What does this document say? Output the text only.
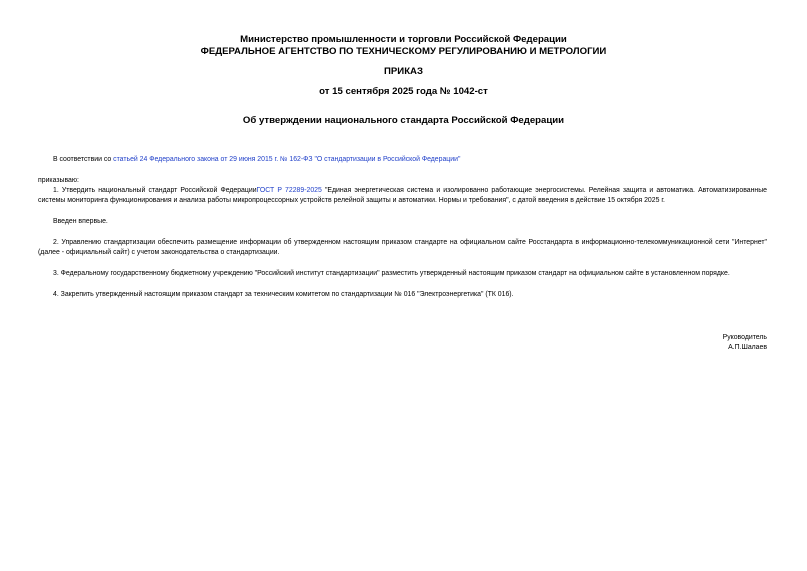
Министерство промышленности и торговли Российской Федерации
ФЕДЕРАЛЬНОЕ АГЕНТСТВО ПО ТЕХНИЧЕСКОМУ РЕГУЛИРОВАНИЮ И МЕТРОЛОГИИ
ПРИКАЗ
от 15 сентября 2025 года № 1042-ст
Об утверждении национального стандарта Российской Федерации
В соответствии со статьей 24 Федерального закона от 29 июня 2015 г. № 162-ФЗ "О стандартизации в Российской Федерации"
приказываю:
1. Утвердить национальный стандарт Российской ФедерацииГОСТ Р 72289-2025 "Единая энергетическая система и изолированно работающие энергосистемы. Релейная защита и автоматика. Автоматизированные системы мониторинга функционирования и анализа работы микропроцессорных устройств релейной защиты и автоматики. Нормы и требования", с датой введения в действие 15 октября 2025 г.
Введен впервые.
2. Управлению стандартизации обеспечить размещение информации об утвержденном настоящим приказом стандарте на официальном сайте Росстандарта в информационно-телекоммуникационной сети "Интернет" (далее - официальный сайт) с учетом законодательства о стандартизации.
3. Федеральному государственному бюджетному учреждению "Российский институт стандартизации" разместить утвержденный настоящим приказом стандарт на официальном сайте в установленном порядке.
4. Закрепить утвержденный настоящим приказом стандарт за техническим комитетом по стандартизации № 016 "Электроэнергетика" (ТК 016).
Руководитель
А.П.Шалаев
